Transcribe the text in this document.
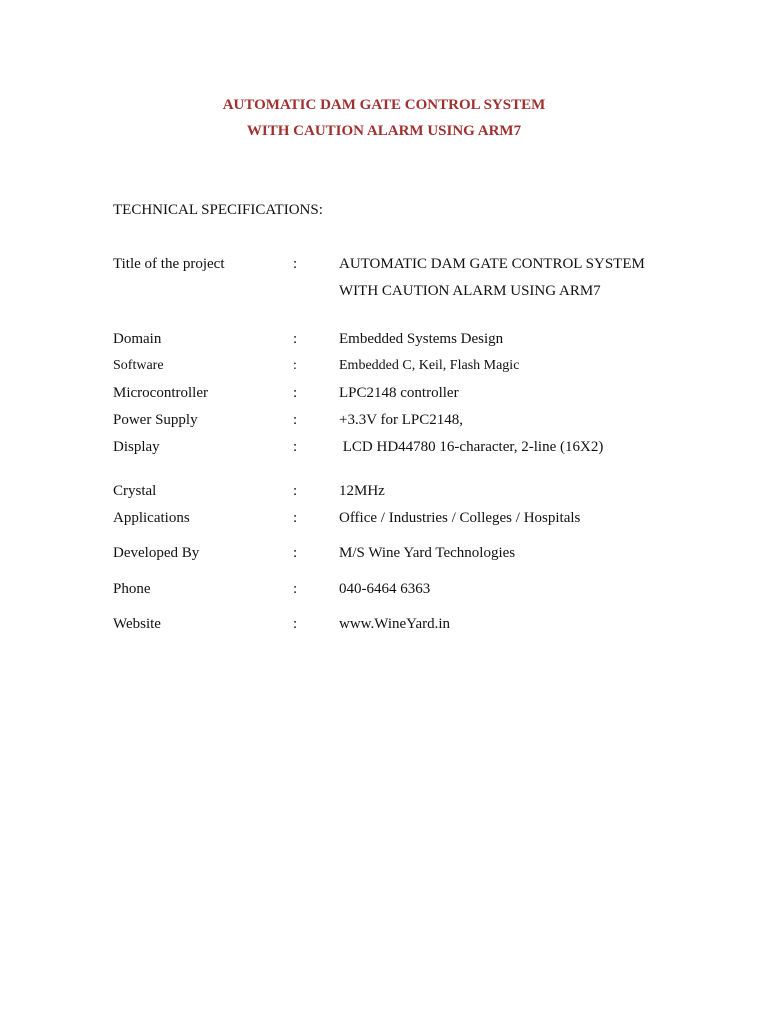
AUTOMATIC DAM GATE CONTROL SYSTEM
WITH CAUTION ALARM USING ARM7
TECHNICAL SPECIFICATIONS:
Title of the project	:	AUTOMATIC DAM GATE CONTROL SYSTEM
WITH CAUTION ALARM USING ARM7
Domain	:	Embedded Systems Design
Software	:	Embedded C, Keil, Flash Magic
Microcontroller	:	LPC2148 controller
Power Supply	:	+3.3V for LPC2148,
Display	:	LCD HD44780 16-character, 2-line (16X2)
Crystal	:	12MHz
Applications	:	Office / Industries / Colleges / Hospitals
Developed By	:	M/S Wine Yard Technologies
Phone	:	040-6464 6363
Website	:	www.WineYard.in
